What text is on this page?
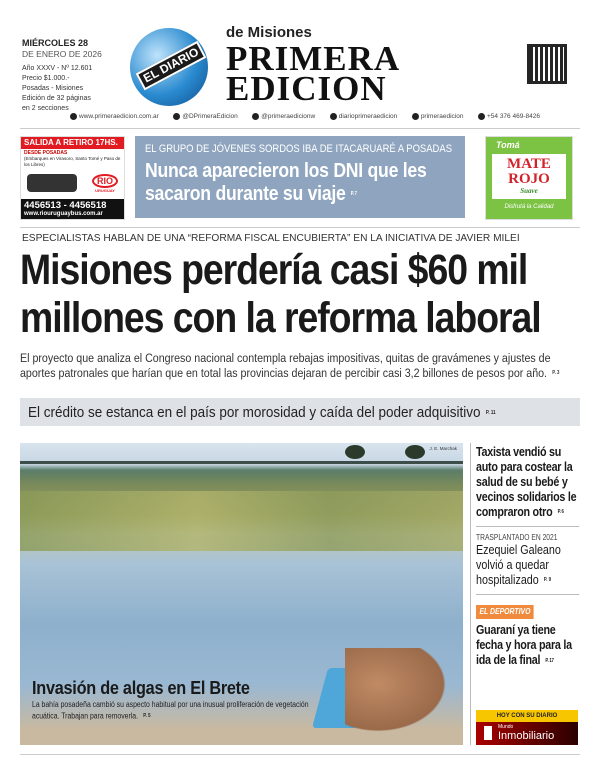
MIÉRCOLES 28
DE ENERO DE 2026
Año XXXV - Nº 12.601
Precio $1.000.-
Posadas - Misiones
Edición de 32 páginas
en 2 secciones
EL DIARIO
de Misiones
PRIMERA
EDICION
www.primeraedicion.com.ar	@DPrimeraEdicion	@primeraedicionw	diarioprimeraedicion	primeraedicion	+54 376 469-8426
SALIDA A RETIRO 17HS.
DESDE POSADAS
(Embarques en Virasoro, Santo Tomé y Paso de los Libres)
RIO
URUGUAY
4456513 - 4456518
www.riouruguaybus.com.ar
EL GRUPO DE JÓVENES SORDOS IBA DE ITACARUARÉ A POSADAS
Nunca aparecieron los DNI que les sacaron durante su viaje P. 7
Tomá
MATE
ROJO
Suave
Disfrutá la Calidad
ESPECIALISTAS HABLAN DE UNA “REFORMA FISCAL ENCUBIERTA” EN LA INICIATIVA DE JAVIER MILEI
Misiones perdería casi $60 mil millones con la reforma laboral
El proyecto que analiza el Congreso nacional contempla rebajas impositivas, quitas de gravámenes y ajustes de aportes patronales que harían que en total las provincias dejaran de percibir casi 3,2 billones de pesos por año. P. 3
El crédito se estanca en el país por morosidad y caída del poder adquisitivo P. 11
J. E. Marchak
Invasión de algas en El Brete
La bahía posadeña cambió su aspecto habitual por una inusual proliferación de vegetación acuática. Trabajan para removerla. P. 5
Taxista vendió su auto para costear la salud de su bebé y vecinos solidarios le compraron otro P. 6
TRASPLANTADO EN 2021
Ezequiel Galeano volvió a quedar hospitalizado P. 9
EL DEPORTIVO
Guaraní ya tiene fecha y hora para la ida de la final P. 17
HOY CON SU DIARIO
Mundo
Inmobiliario
